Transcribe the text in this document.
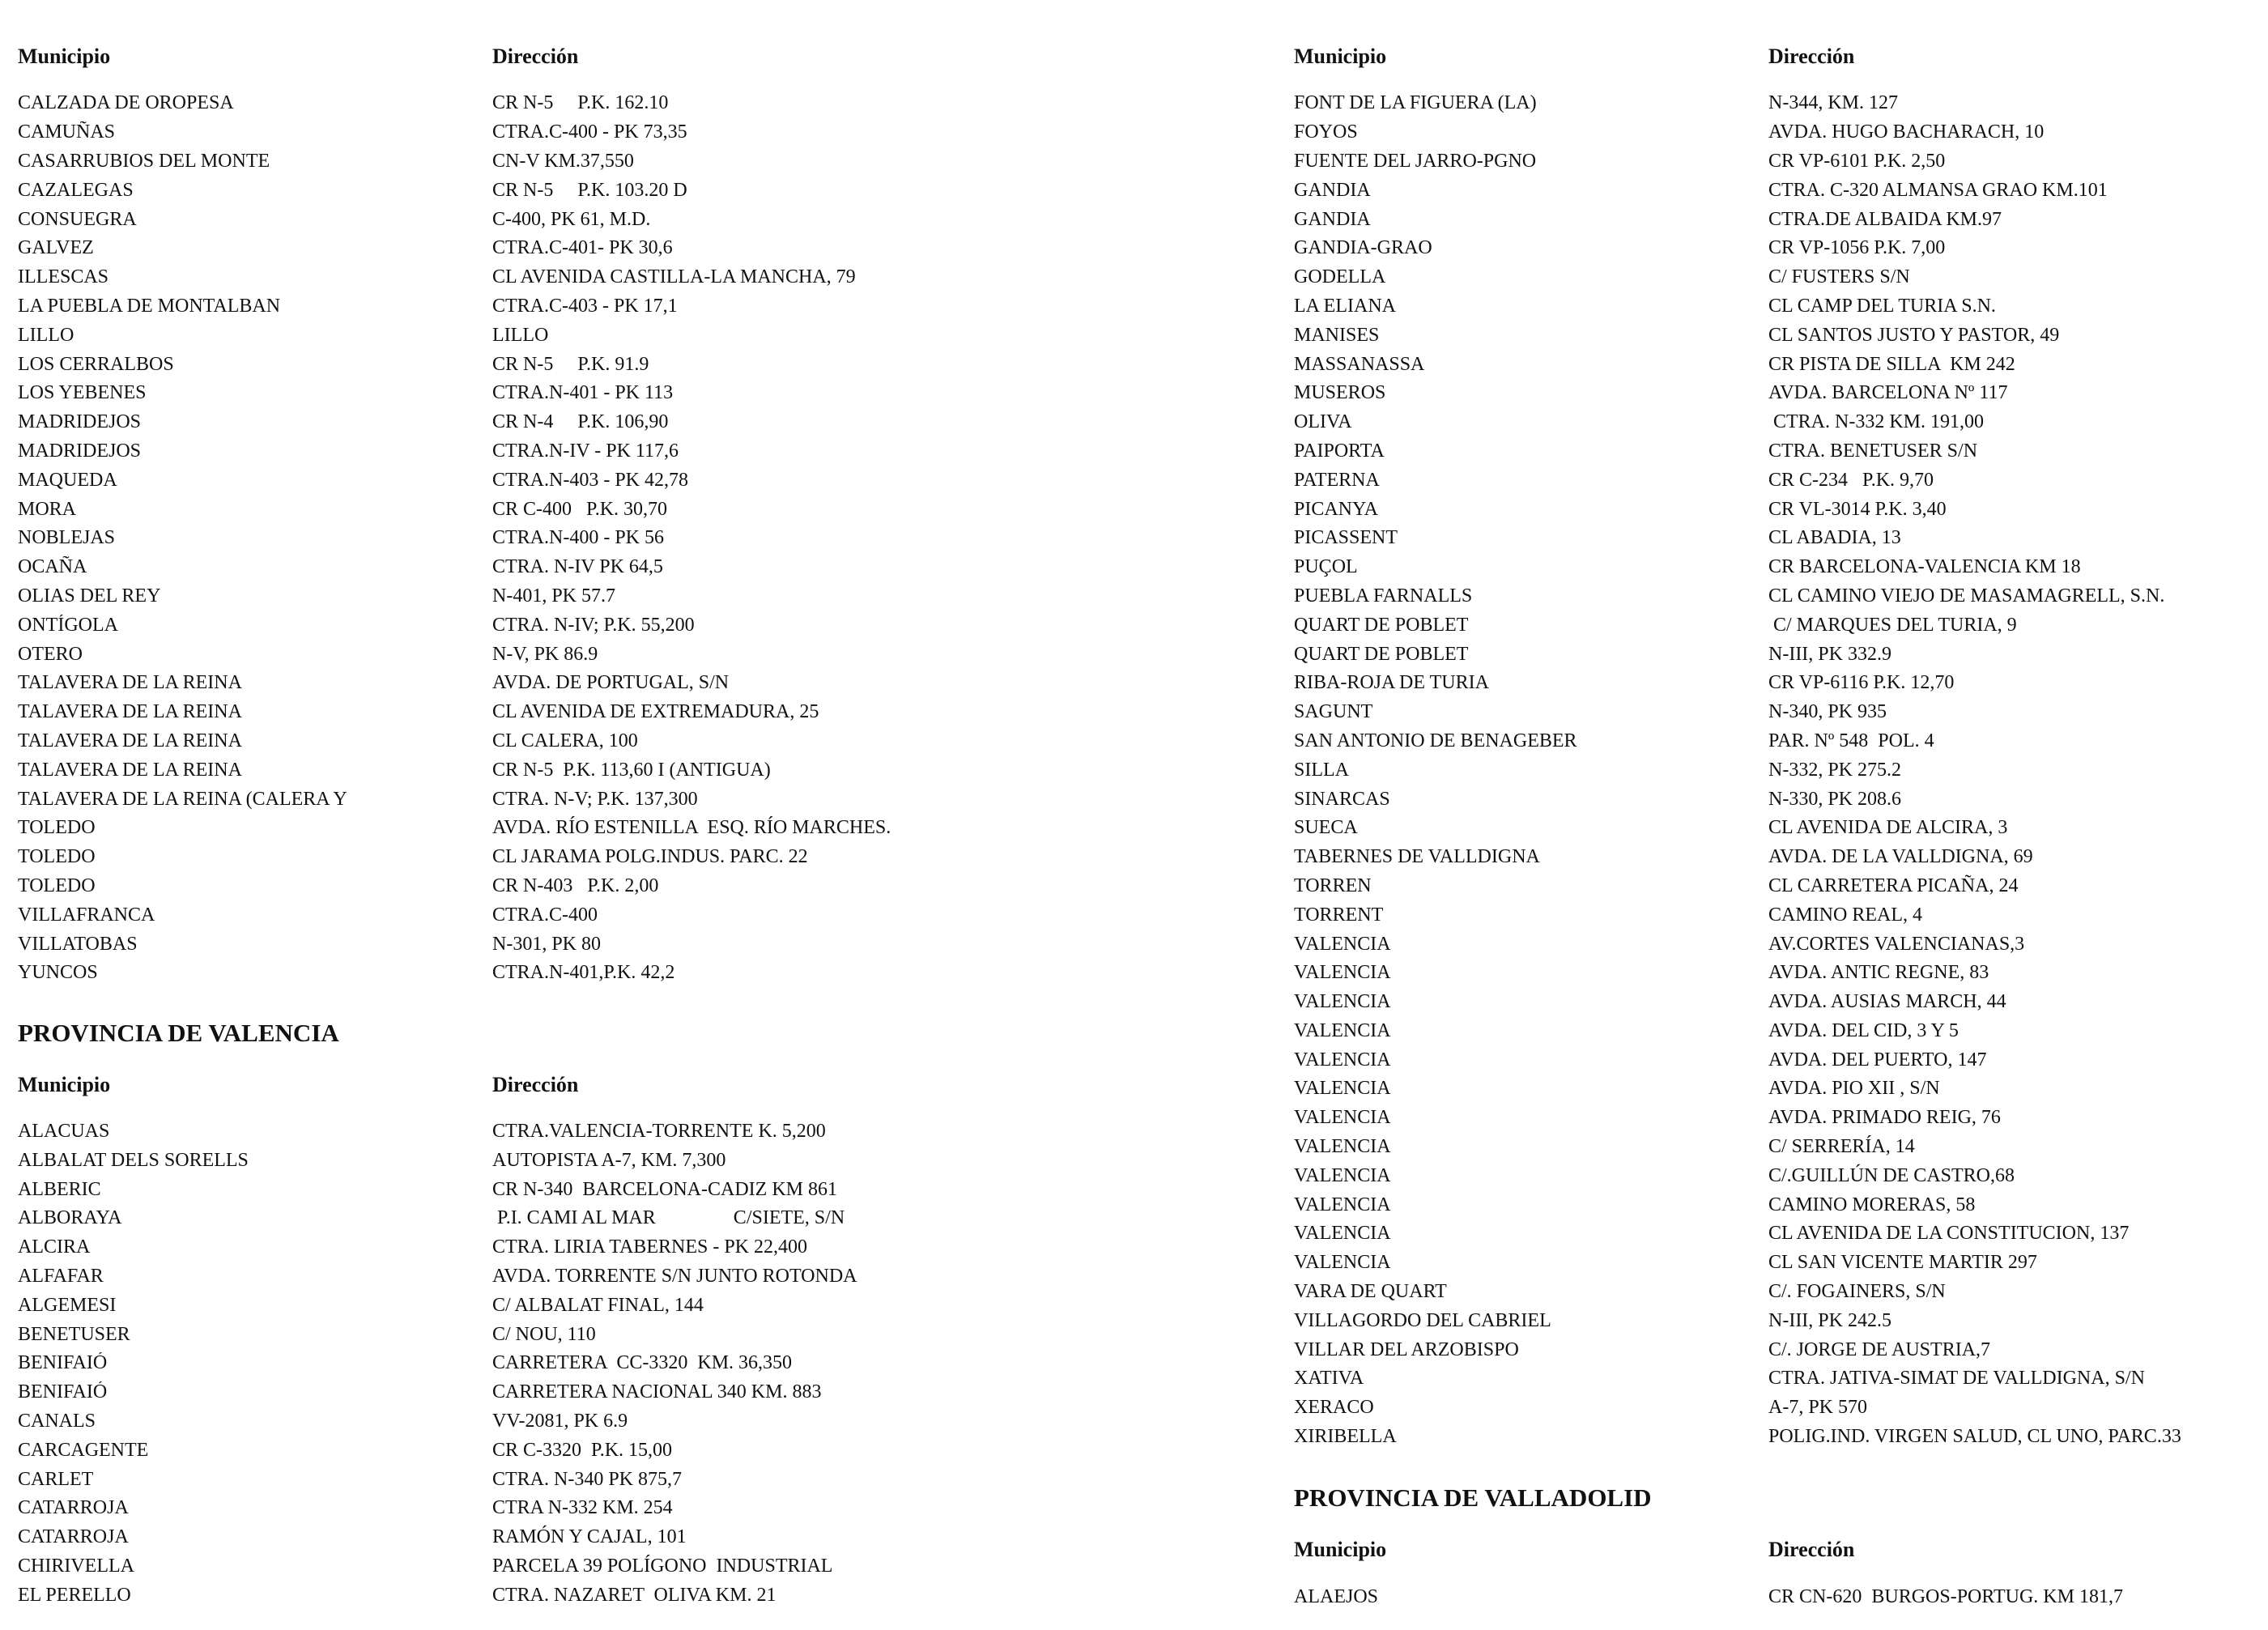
Municipio	Dirección
CALZADA DE OROPESA	CR N-5     P.K. 162.10
CAMUÑAS	CTRA.C-400 - PK 73,35
CASARRUBIOS DEL MONTE	CN-V KM.37,550
CAZALEGAS	CR N-5     P.K. 103.20 D
CONSUEGRA	C-400, PK 61, M.D.
GALVEZ	CTRA.C-401- PK 30,6
ILLESCAS	CL AVENIDA CASTILLA-LA MANCHA, 79
LA PUEBLA DE MONTALBAN	CTRA.C-403 - PK 17,1
LILLO	LILLO
LOS CERRALBOS	CR N-5     P.K. 91.9
LOS YEBENES	CTRA.N-401 - PK 113
MADRIDEJOS	CR N-4     P.K. 106,90
MADRIDEJOS	CTRA.N-IV - PK 117,6
MAQUEDA	CTRA.N-403 - PK 42,78
MORA	CR C-400   P.K. 30,70
NOBLEJAS	CTRA.N-400 - PK 56
OCAÑA	CTRA. N-IV PK 64,5
OLIAS DEL REY	N-401, PK 57.7
ONTÍGOLA	CTRA. N-IV; P.K. 55,200
OTERO	N-V, PK 86.9
TALAVERA DE LA REINA	AVDA. DE PORTUGAL, S/N
TALAVERA DE LA REINA	CL AVENIDA DE EXTREMADURA, 25
TALAVERA DE LA REINA	CL CALERA, 100
TALAVERA DE LA REINA	CR N-5  P.K. 113,60 I (ANTIGUA)
TALAVERA DE LA REINA (CALERA Y	CTRA. N-V; P.K. 137,300
TOLEDO	AVDA. RÍO ESTENILLA  ESQ. RÍO MARCHES.
TOLEDO	CL JARAMA POLG.INDUS. PARC. 22
TOLEDO	CR N-403   P.K. 2,00
VILLAFRANCA	CTRA.C-400
VILLATOBAS	N-301, PK 80
YUNCOS	CTRA.N-401,P.K. 42,2
PROVINCIA DE VALENCIA
Municipio	Dirección
ALACUAS	CTRA.VALENCIA-TORRENTE K. 5,200
ALBALAT DELS SORELLS	AUTOPISTA A-7, KM. 7,300
ALBERIC	CR N-340  BARCELONA-CADIZ KM 861
ALBORAYA	P.I. CAMI AL MAR                C/SIETE, S/N
ALCIRA	CTRA. LIRIA TABERNES - PK 22,400
ALFAFAR	AVDA. TORRENTE S/N JUNTO ROTONDA
ALGEMESI	C/ ALBALAT FINAL, 144
BENETUSER	C/ NOU, 110
BENIFAIÓ	CARRETERA  CC-3320  KM. 36,350
BENIFAIÓ	CARRETERA NACIONAL 340 KM. 883
CANALS	VV-2081, PK 6.9
CARCAGENTE	CR C-3320  P.K. 15,00
CARLET	CTRA. N-340 PK 875,7
CATARROJA	CTRA N-332 KM. 254
CATARROJA	RAMÓN Y CAJAL, 101
CHIRIVELLA	PARCELA 39 POLÍGONO  INDUSTRIAL
EL PERELLO	CTRA. NAZARET  OLIVA KM. 21
Municipio	Dirección
FONT DE LA FIGUERA (LA)	N-344, KM. 127
FOYOS	AVDA. HUGO BACHARACH, 10
FUENTE DEL JARRO-PGNO	CR VP-6101 P.K. 2,50
GANDIA	CTRA. C-320 ALMANSA GRAO KM.101
GANDIA	CTRA.DE ALBAIDA KM.97
GANDIA-GRAO	CR VP-1056 P.K. 7,00
GODELLA	C/ FUSTERS S/N
LA ELIANA	CL CAMP DEL TURIA S.N.
MANISES	CL SANTOS JUSTO Y PASTOR, 49
MASSANASSA	CR PISTA DE SILLA  KM 242
MUSEROS	AVDA. BARCELONA Nº 117
OLIVA	CTRA. N-332 KM. 191,00
PAIPORTA	CTRA. BENETUSER S/N
PATERNA	CR C-234   P.K. 9,70
PICANYA	CR VL-3014 P.K. 3,40
PICASSENT	CL ABADIA, 13
PUÇOL	CR BARCELONA-VALENCIA KM 18
PUEBLA FARNALLS	CL CAMINO VIEJO DE MASAMAGRELL, S.N.
QUART DE POBLET	C/ MARQUES DEL TURIA, 9
QUART DE POBLET	N-III, PK 332.9
RIBA-ROJA DE TURIA	CR VP-6116 P.K. 12,70
SAGUNT	N-340, PK 935
SAN ANTONIO DE BENAGEBER	PAR. Nº 548  POL. 4
SILLA	N-332, PK 275.2
SINARCAS	N-330, PK 208.6
SUECA	CL AVENIDA DE ALCIRA, 3
TABERNES DE VALLDIGNA	AVDA. DE LA VALLDIGNA, 69
TORREN	CL CARRETERA PICAÑA, 24
TORRENT	CAMINO REAL, 4
VALENCIA	AV.CORTES VALENCIANAS,3
VALENCIA	AVDA. ANTIC REGNE, 83
VALENCIA	AVDA. AUSIAS MARCH, 44
VALENCIA	AVDA. DEL CID, 3 Y 5
VALENCIA	AVDA. DEL PUERTO, 147
VALENCIA	AVDA. PIO XII , S/N
VALENCIA	AVDA. PRIMADO REIG, 76
VALENCIA	C/ SERRERÍA, 14
VALENCIA	C/.GUILLÚN DE CASTRO,68
VALENCIA	CAMINO MORERAS, 58
VALENCIA	CL AVENIDA DE LA CONSTITUCION, 137
VALENCIA	CL SAN VICENTE MARTIR 297
VARA DE QUART	C/. FOGAINERS, S/N
VILLAGORDO DEL CABRIEL	N-III, PK 242.5
VILLAR DEL ARZOBISPO	C/. JORGE DE AUSTRIA,7
XATIVA	CTRA. JATIVA-SIMAT DE VALLDIGNA, S/N
XERACO	A-7, PK 570
XIRIBELLA	POLIG.IND. VIRGEN SALUD, CL UNO, PARC.33
PROVINCIA DE VALLADOLID
Municipio	Dirección
ALAEJOS	CR CN-620  BURGOS-PORTUG. KM 181,7
